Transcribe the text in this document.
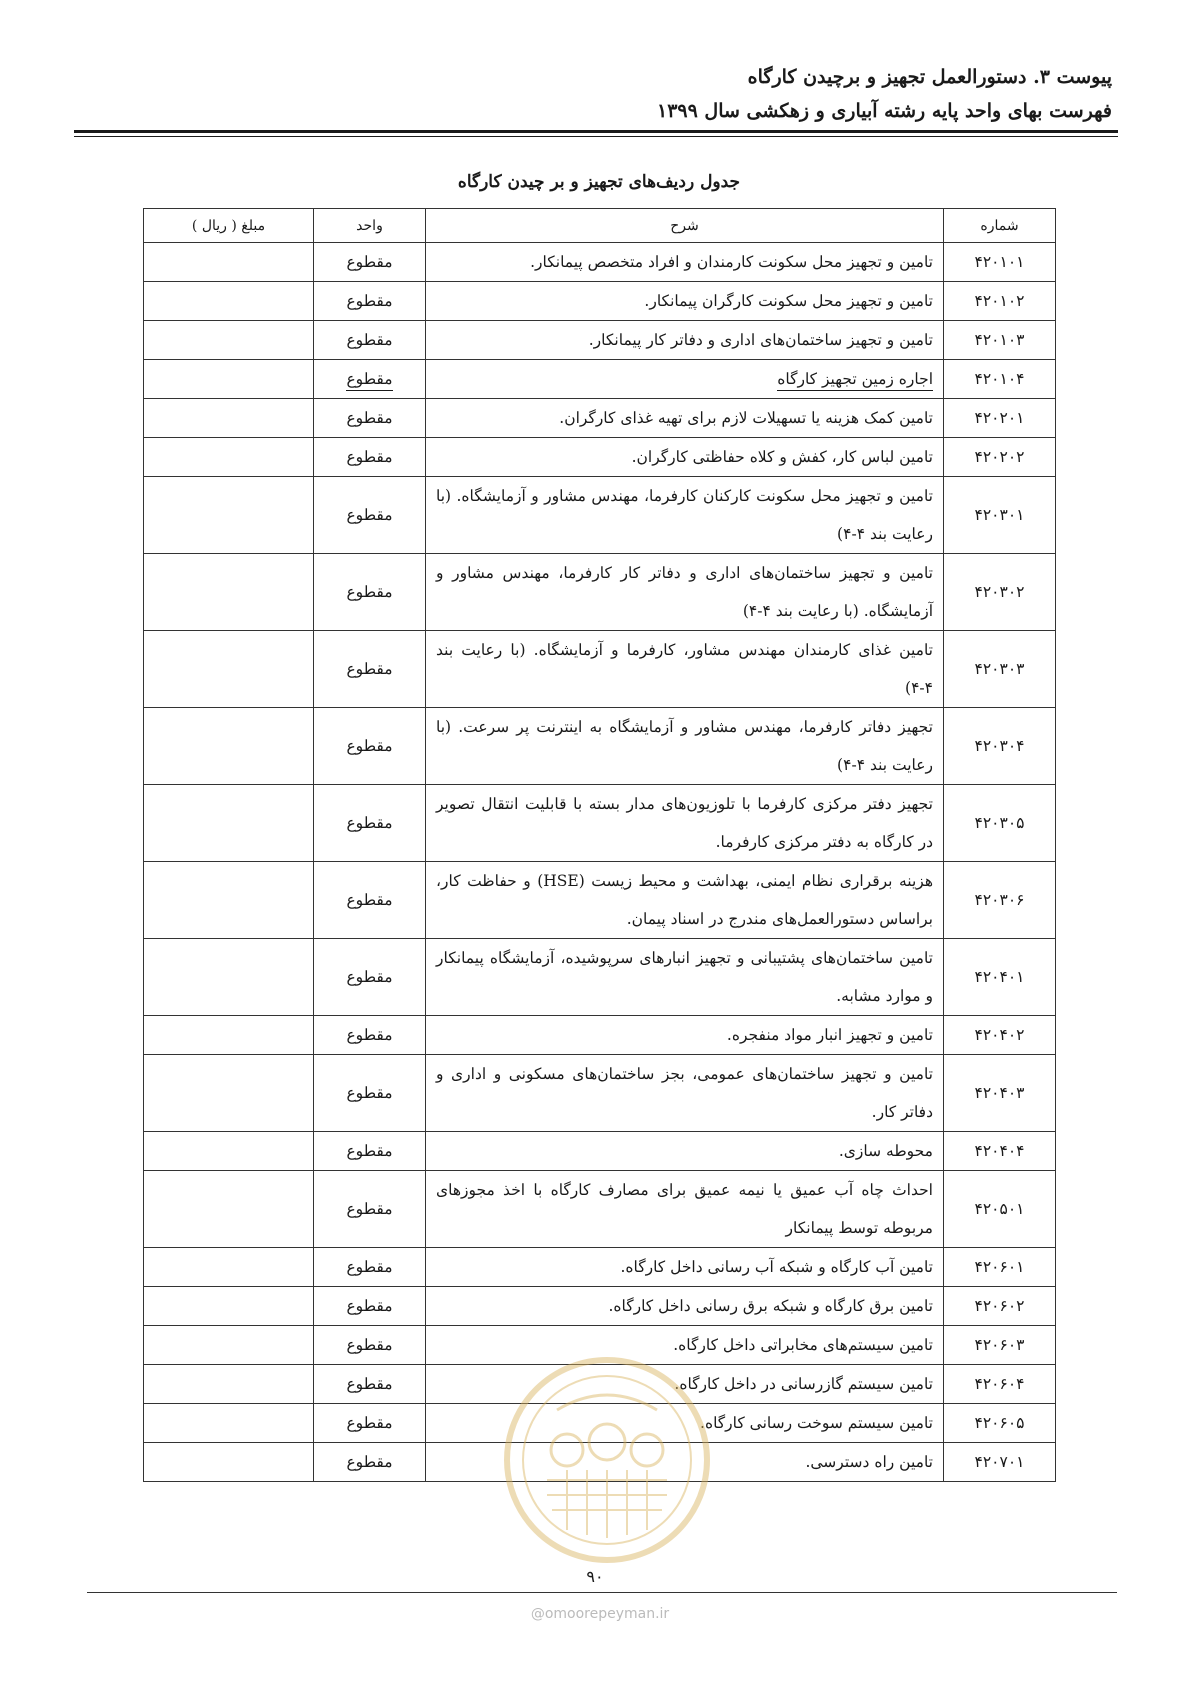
پیوست ۳. دستورالعمل تجهیز و برچیدن کارگاه
فهرست بهای واحد پایه رشته آبیاری و زهکشی سال ۱۳۹۹
جدول ردیف‌های تجهیز و بر چیدن کارگاه
شماره	شرح	واحد	مبلغ ( ریال )
۴۲۰۱۰۱	تامین و تجهیز محل سکونت کارمندان و افراد متخصص پیمانکار.	مقطوع	
۴۲۰۱۰۲	تامین و تجهیز محل سکونت کارگران پیمانکار.	مقطوع	
۴۲۰۱۰۳	تامین و تجهیز ساختمان‌های اداری و دفاتر کار پیمانکار.	مقطوع	
۴۲۰۱۰۴	اجاره زمین تجهیز کارگاه	مقطوع	
۴۲۰۲۰۱	تامین کمک هزینه یا تسهیلات لازم برای تهیه غذای کارگران.	مقطوع	
۴۲۰۲۰۲	تامین لباس کار، کفش و کلاه حفاظتی کارگران.	مقطوع	
۴۲۰۳۰۱	تامین و تجهیز محل سکونت کارکنان کارفرما، مهندس مشاور و آزمایشگاه. (با رعایت بند ۴-۴)	مقطوع	
۴۲۰۳۰۲	تامین و تجهیز ساختمان‌های اداری و دفاتر کار کارفرما، مهندس مشاور و آزمایشگاه. (با رعایت بند ۴-۴)	مقطوع	
۴۲۰۳۰۳	تامین غذای کارمندان مهندس مشاور، کارفرما و آزمایشگاه. (با رعایت بند ۴-۴)	مقطوع	
۴۲۰۳۰۴	تجهیز دفاتر کارفرما، مهندس مشاور و آزمایشگاه به اینترنت پر سرعت. (با رعایت بند ۴-۴)	مقطوع	
۴۲۰۳۰۵	تجهیز دفتر مرکزی کارفرما با تلوزیون‌های مدار بسته با قابلیت انتقال تصویر در کارگاه به دفتر مرکزی کارفرما.	مقطوع	
۴۲۰۳۰۶	هزینه برقراری نظام ایمنی، بهداشت و محیط زیست (HSE) و حفاظت کار، براساس دستورالعمل‌های مندرج در اسناد پیمان.	مقطوع	
۴۲۰۴۰۱	تامین ساختمان‌های پشتیبانی و تجهیز انبارهای سرپوشیده، آزمایشگاه پیمانکار و موارد مشابه.	مقطوع	
۴۲۰۴۰۲	تامین و تجهیز انبار مواد منفجره.	مقطوع	
۴۲۰۴۰۳	تامین و تجهیز ساختمان‌های عمومی، بجز ساختمان‌های مسکونی و اداری و دفاتر کار.	مقطوع	
۴۲۰۴۰۴	محوطه سازی.	مقطوع	
۴۲۰۵۰۱	احداث چاه آب عمیق یا نیمه عمیق برای مصارف کارگاه با اخذ مجوزهای مربوطه توسط پیمانکار	مقطوع	
۴۲۰۶۰۱	تامین آب کارگاه و شبکه آب رسانی داخل کارگاه.	مقطوع	
۴۲۰۶۰۲	تامین برق کارگاه و شبکه برق رسانی داخل کارگاه.	مقطوع	
۴۲۰۶۰۳	تامین سیستم‌های مخابراتی داخل کارگاه.	مقطوع	
۴۲۰۶۰۴	تامین سیستم گازرسانی در داخل کارگاه.	مقطوع	
۴۲۰۶۰۵	تامین سیستم سوخت رسانی کارگاه.	مقطوع	
۴۲۰۷۰۱	تامین راه دسترسی.	مقطوع	
۹۰
@omoorepeyman.ir
